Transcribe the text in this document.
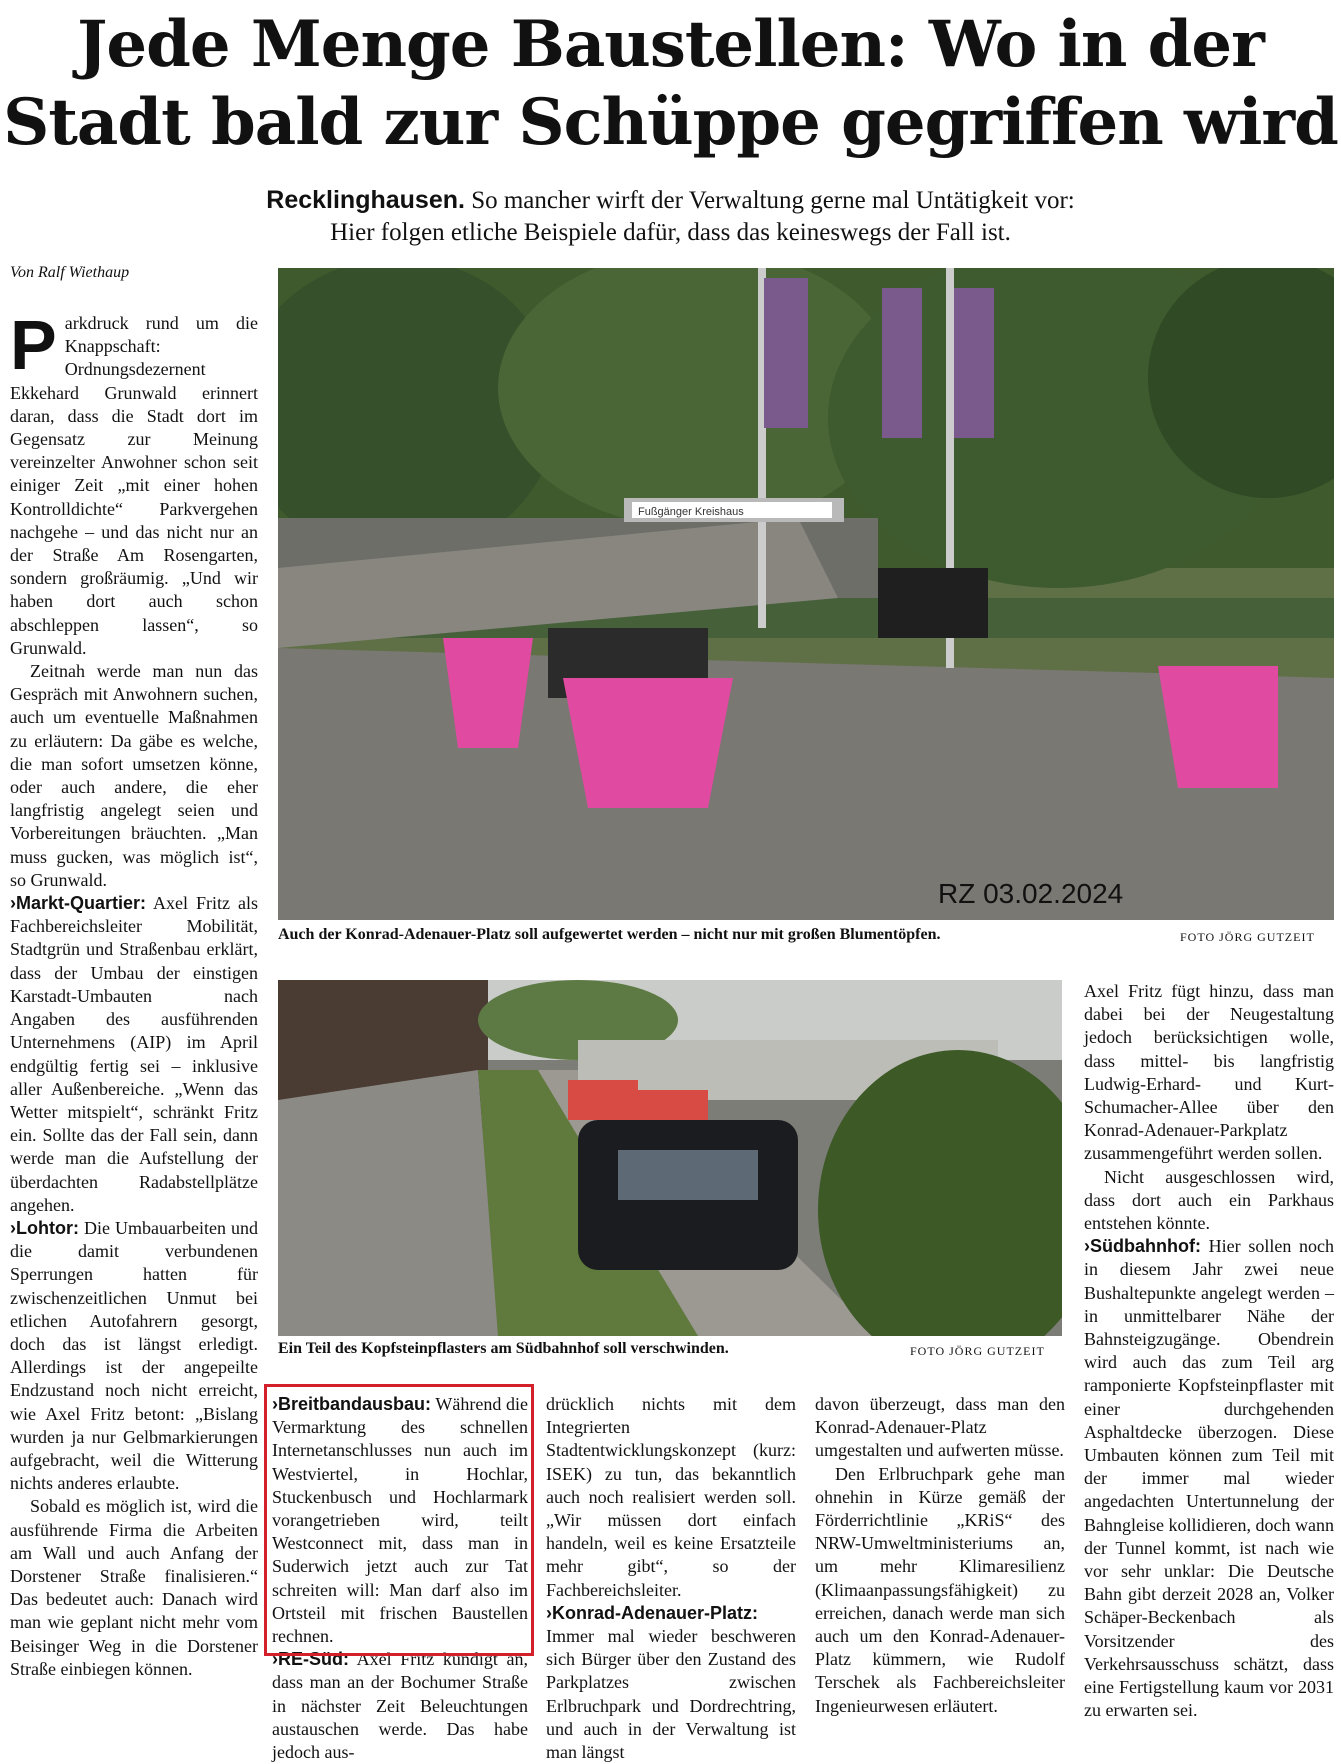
Jede Menge Baustellen: Wo in der
Stadt bald zur Schüppe gegriffen wird
Recklinghausen. So mancher wirft der Verwaltung gerne mal Untätigkeit vor:
Hier folgen etliche Beispiele dafür, dass das keineswegs der Fall ist.
Von Ralf Wiethaup

Parkdruck rund um die Knappschaft: Ordnungsdezernent Ekkehard Grunwald erinnert daran, dass die Stadt dort im Gegensatz zur Meinung vereinzelter Anwohner schon seit einiger Zeit „mit einer hohen Kontrolldichte“ Parkvergehen nachgehe – und das nicht nur an der Straße Am Rosengarten, sondern großräumig. „Und wir haben dort auch schon abschleppen lassen“, so Grunwald.

Zeitnah werde man nun das Gespräch mit Anwohnern suchen, auch um eventuelle Maßnahmen zu erläutern: Da gäbe es welche, die man sofort umsetzen könne, oder auch andere, die eher langfristig angelegt seien und Vorbereitungen bräuchten. „Man muss gucken, was möglich ist“, so Grunwald.

›Markt-Quartier: Axel Fritz als Fachbereichsleiter Mobilität, Stadtgrün und Straßenbau erklärt, dass der Umbau der einstigen Karstadt-Umbauten nach Angaben des ausführenden Unternehmens (AIP) im April endgültig fertig sei – inklusive aller Außenbereiche. „Wenn das Wetter mitspielt“, schränkt Fritz ein. Sollte das der Fall sein, dann werde man die Aufstellung der überdachten Radabstellplätze angehen.

›Lohtor: Die Umbauarbeiten und die damit verbundenen Sperrungen hatten für zwischenzeitlichen Unmut bei etlichen Autofahrern gesorgt, doch das ist längst erledigt. Allerdings ist der angepeilte Endzustand noch nicht erreicht, wie Axel Fritz betont: „Bislang wurden ja nur Gelbmarkierungen aufgebracht, weil die Witterung nichts anderes erlaubte.

Sobald es möglich ist, wird die ausführende Firma die Arbeiten am Wall und auch Anfang der Dorstener Straße finalisieren.“ Das bedeutet auch: Danach wird man wie geplant nicht mehr vom Beisinger Weg in die Dorstener Straße einbiegen können.

Fußgänger Kreishaus
RZ 03.02.2024
Auch der Konrad-Adenauer-Platz soll aufgewertet werden – nicht nur mit großen Blumentöpfen.	FOTO JÖRG GUTZEIT
Ein Teil des Kopfsteinpflasters am Südbahnhof soll verschwinden.	FOTO JÖRG GUTZEIT

›Breitbandausbau: Während die Vermarktung des schnellen Internetanschlusses nun auch im Westviertel, in Hochlar, Stuckenbusch und Hochlarmark vorangetrieben wird, teilt Westconnect mit, dass man in Suderwich jetzt auch zur Tat schreiten will: Man darf also im Ortsteil mit frischen Baustellen rechnen.

›RE-Süd: Axel Fritz kündigt an, dass man an der Bochumer Straße in nächster Zeit Beleuchtungen austauschen werde. Das habe jedoch aus-

drücklich nichts mit dem Integrierten Stadtentwicklungskonzept (kurz: ISEK) zu tun, das bekanntlich auch noch realisiert werden soll. „Wir müssen dort einfach handeln, weil es keine Ersatzteile mehr gibt“, so der Fachbereichsleiter.

›Konrad-Adenauer-Platz: Immer mal wieder beschweren sich Bürger über den Zustand des Parkplatzes zwischen Erlbruchpark und Dordrechtring, und auch in der Verwaltung ist man längst

davon überzeugt, dass man den Konrad-Adenauer-Platz umgestalten und aufwerten müsse.

Den Erlbruchpark gehe man ohnehin in Kürze gemäß der Förderrichtlinie „KRiS“ des NRW-Umweltministeriums an, um mehr Klimaresilienz (Klimaanpassungsfähigkeit) zu erreichen, danach werde man sich auch um den Konrad-Adenauer-Platz kümmern, wie Rudolf Terschek als Fachbereichsleiter Ingenieurwesen erläutert.

Axel Fritz fügt hinzu, dass man dabei bei der Neugestaltung jedoch berücksichtigen wolle, dass mittel- bis langfristig Ludwig-Erhard- und Kurt-Schumacher-Allee über den Konrad-Adenauer-Parkplatz zusammengeführt werden sollen.

Nicht ausgeschlossen wird, dass dort auch ein Parkhaus entstehen könnte.

›Südbahnhof: Hier sollen noch in diesem Jahr zwei neue Bushaltepunkte angelegt werden – in unmittelbarer Nähe der Bahnsteigzugänge. Obendrein wird auch das zum Teil arg ramponierte Kopfsteinpflaster mit einer durchgehenden Asphaltdecke überzogen. Diese Umbauten können zum Teil mit der immer mal wieder angedachten Untertunnelung der Bahngleise kollidieren, doch wann der Tunnel kommt, ist nach wie vor sehr unklar: Die Deutsche Bahn gibt derzeit 2028 an, Volker Schäper-Beckenbach als Vorsitzender des Verkehrsausschuss schätzt, dass eine Fertigstellung kaum vor 2031 zu erwarten sei.
